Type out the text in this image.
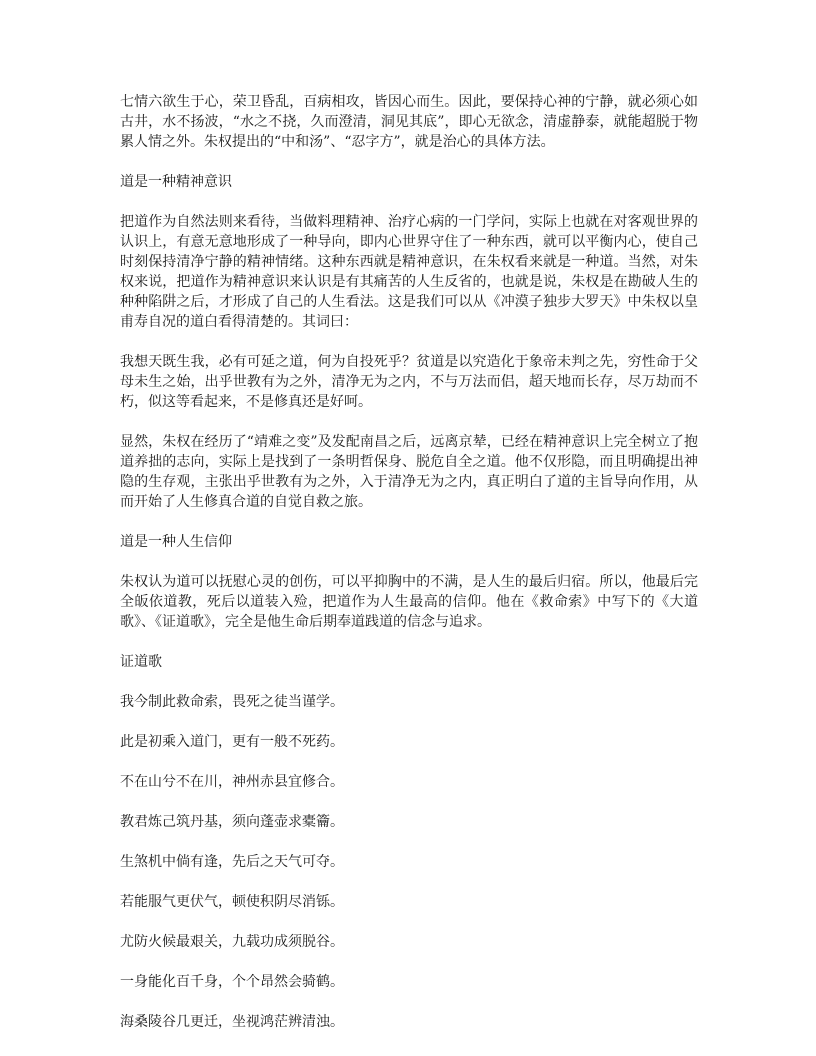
七情六欲生于心，荣卫昏乱，百病相攻，皆因心而生。因此，要保持心神的宁静，就必须心如古井，水不扬波，“水之不挠，久而澄清，洞见其底”，即心无欲念，清虚静泰，就能超脱于物累人情之外。朱权提出的“中和汤”、“忍字方”，就是治心的具体方法。

道是一种精神意识

把道作为自然法则来看待，当做料理精神、治疗心病的一门学问，实际上也就在对客观世界的认识上，有意无意地形成了一种导向，即内心世界守住了一种东西，就可以平衡内心，使自己时刻保持清净宁静的精神情绪。这种东西就是精神意识，在朱权看来就是一种道。当然，对朱权来说，把道作为精神意识来认识是有其痛苦的人生反省的，也就是说，朱权是在勘破人生的种种陷阱之后，才形成了自己的人生看法。这是我们可以从《冲漠子独步大罗天》中朱权以皇甫寿自况的道白看得清楚的。其词曰：

我想天既生我，必有可延之道，何为自投死乎？贫道是以究造化于象帝未判之先，穷性命于父母未生之始，出乎世教有为之外，清净无为之内，不与万法而侣，超天地而长存，尽万劫而不朽，似这等看起来，不是修真还是好呵。

显然，朱权在经历了“靖难之变”及发配南昌之后，远离京辇，已经在精神意识上完全树立了抱道养拙的志向，实际上是找到了一条明哲保身、脱危自全之道。他不仅形隐，而且明确提出神隐的生存观，主张出乎世教有为之外，入于清净无为之内，真正明白了道的主旨导向作用，从而开始了人生修真合道的自觉自救之旅。

道是一种人生信仰

朱权认为道可以抚慰心灵的创伤，可以平抑胸中的不满，是人生的最后归宿。所以，他最后完全皈依道教，死后以道装入殓，把道作为人生最高的信仰。他在《救命索》中写下的《大道歌》、《证道歌》，完全是他生命后期奉道践道的信念与追求。

证道歌

我今制此救命索，畏死之徒当谨学。

此是初乘入道门，更有一般不死药。

不在山兮不在川，神州赤县宜修合。

教君炼己筑丹基，须向蓬壶求橐籥。

生煞机中倘有逢，先后之天气可夺。

若能服气更伏气，顿使积阴尽消铄。

尤防火候最艰关，九载功成须脱谷。

一身能化百千身，个个昂然会骑鹤。

海桑陵谷几更迁，坐视鸿茫辨清浊。
